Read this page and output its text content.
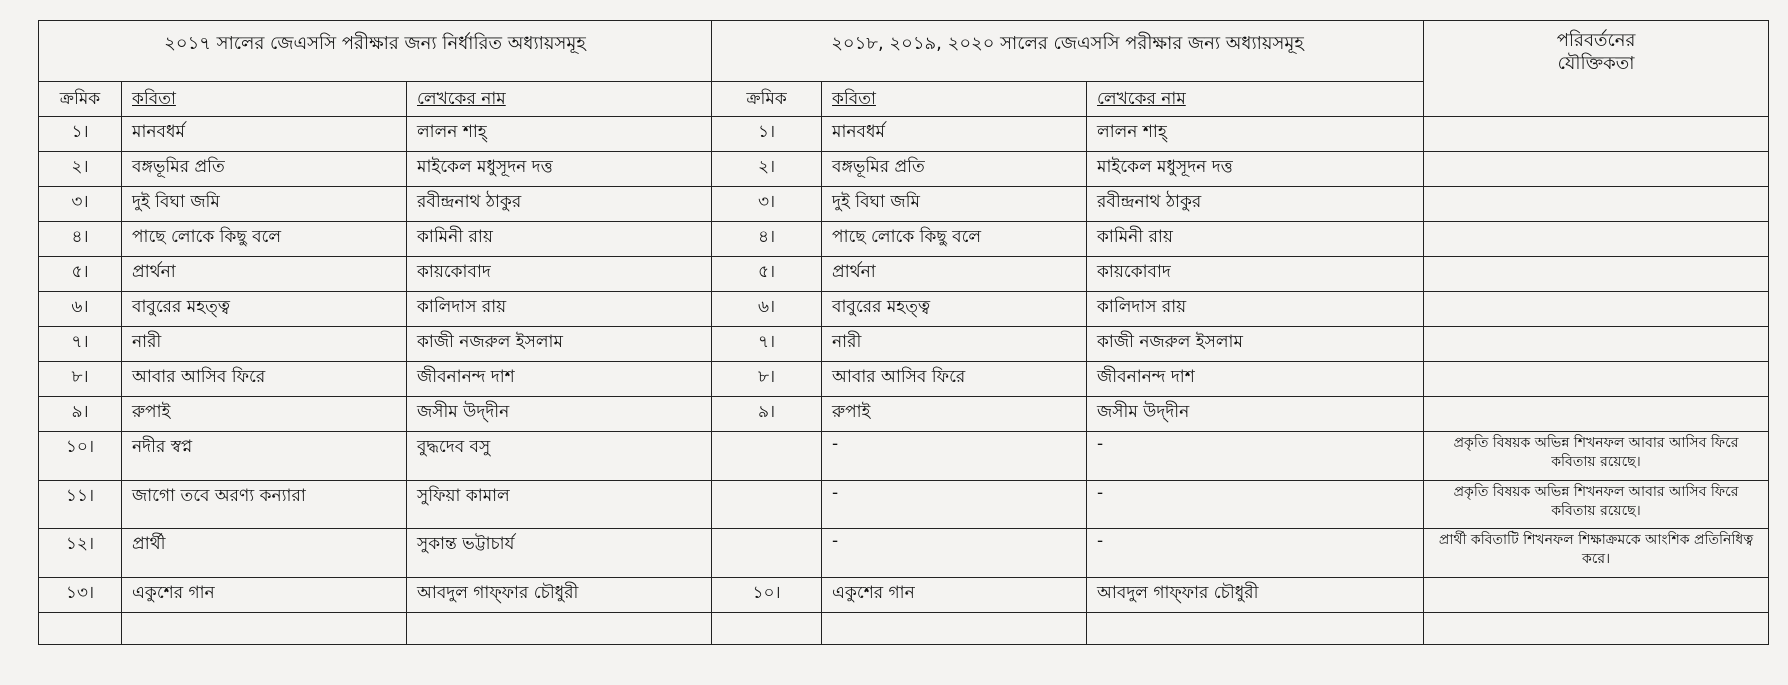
২০১৭ সালের জেএসসি পরীক্ষার জন্য নির্ধারিত অধ্যায়সমূহ			২০১৮, ২০১৯, ২০২০ সালের জেএসসি পরীক্ষার জন্য অধ্যায়সমূহ			পরিবর্তনের
যৌক্তিকতা
ক্রমিক	কবিতা	লেখকের নাম	ক্রমিক	কবিতা	লেখকের নাম	
১।	মানবধর্ম	লালন শাহ্	১।	মানবধর্ম	লালন শাহ্	
২।	বঙ্গভূমির প্রতি	মাইকেল মধুসূদন দত্ত	২।	বঙ্গভূমির প্রতি	মাইকেল মধুসূদন দত্ত	
৩।	দুই বিঘা জমি	রবীন্দ্রনাথ ঠাকুর	৩।	দুই বিঘা জমি	রবীন্দ্রনাথ ঠাকুর	
৪।	পাছে লোকে কিছু বলে	কামিনী রায়	৪।	পাছে লোকে কিছু বলে	কামিনী রায়	
৫।	প্রার্থনা	কায়কোবাদ	৫।	প্রার্থনা	কায়কোবাদ	
৬।	বাবুরের মহত্ত্ব	কালিদাস রায়	৬।	বাবুরের মহত্ত্ব	কালিদাস রায়	
৭।	নারী	কাজী নজরুল ইসলাম	৭।	নারী	কাজী নজরুল ইসলাম	
৮।	আবার আসিব ফিরে	জীবনানন্দ দাশ	৮।	আবার আসিব ফিরে	জীবনানন্দ দাশ	
৯।	রুপাই	জসীম উদ্‌দীন	৯।	রুপাই	জসীম উদ্‌দীন	
১০।	নদীর স্বপ্ন	বুদ্ধদেব বসু		-	-	প্রকৃতি বিষয়ক অভিন্ন শিখনফল আবার আসিব ফিরে কবিতায় রয়েছে।
১১।	জাগো তবে অরণ্য কন্যারা	সুফিয়া কামাল		-	-	প্রকৃতি বিষয়ক অভিন্ন শিখনফল আবার আসিব ফিরে কবিতায় রয়েছে।
১২।	প্রার্থী	সুকান্ত ভট্টাচার্য		-	-	প্রার্থী কবিতাটি শিখনফল শিক্ষাক্রমকে আংশিক প্রতিনিধিত্ব করে।
১৩।	একুশের গান	আবদুল গাফ্‌ফার চৌধুরী	১০।	একুশের গান	আবদুল গাফ্‌ফার চৌধুরী	
